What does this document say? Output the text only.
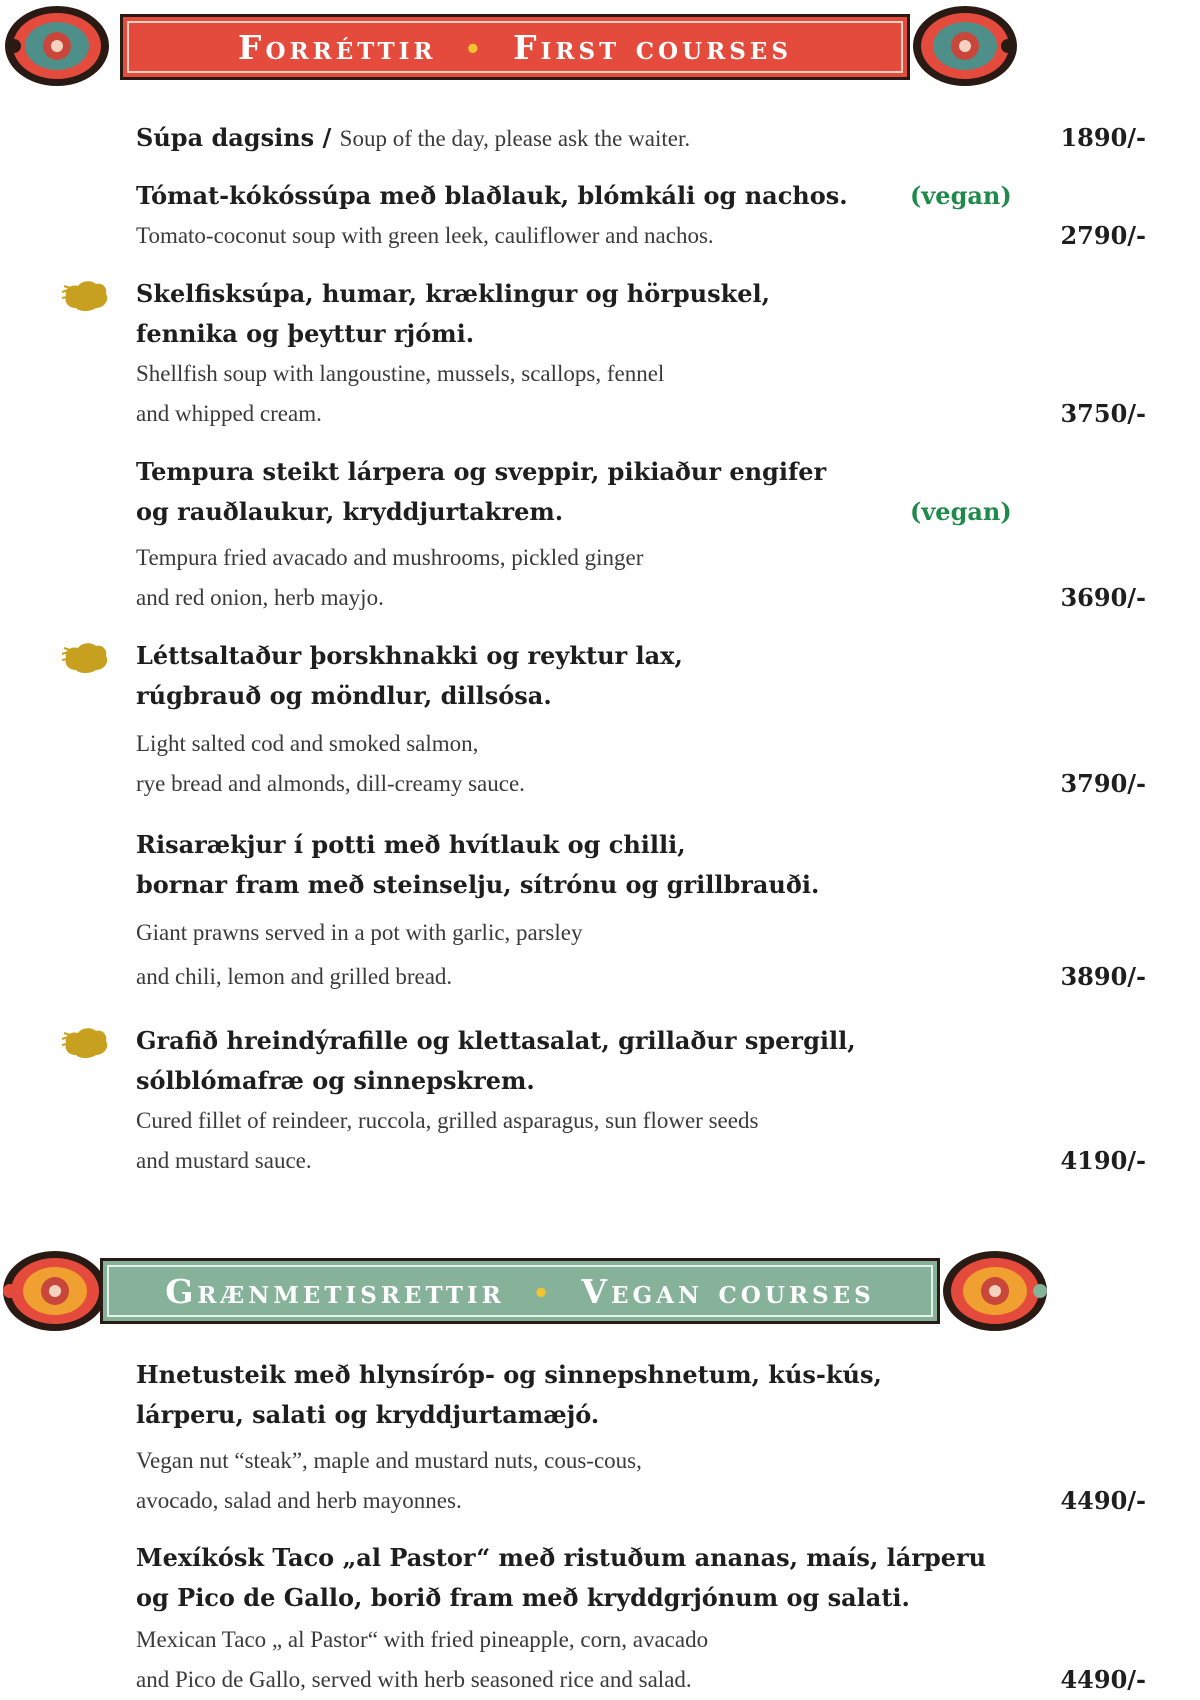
Forréttir • First courses
Súpa dagsins / Soup of the day, please ask the waiter.	1890/-
Tómat-kókóssúpa með blaðlauk, blómkáli og nachos.	(vegan)
Tomato-coconut soup with green leek, cauliflower and nachos.	2790/-
Skelfisksúpa, humar, kræklingur og hörpuskel,
fennika og þeyttur rjómi.
Shellfish soup with langoustine, mussels, scallops, fennel
and whipped cream.	3750/-
Tempura steikt lárpera og sveppir, pikiaður engifer
og rauðlaukur, kryddjurtakrem.	(vegan)
Tempura fried avacado and mushrooms, pickled ginger
and red onion, herb mayjo.	3690/-
Léttsaltaður þorskhnakki og reyktur lax,
rúgbrauð og möndlur, dillsósa.
Light salted cod and smoked salmon,
rye bread and almonds, dill-creamy sauce.	3790/-
Risarækjur í potti með hvítlauk og chilli,
bornar fram með steinselju, sítrónu og grillbrauði.
Giant prawns served in a pot with garlic, parsley
and chili, lemon and grilled bread.	3890/-
Grafið hreindýrafille og klettasalat, grillaður spergill,
sólblómafræ og sinnepskrem.
Cured fillet of reindeer, ruccola, grilled asparagus, sun flower seeds
and mustard sauce.	4190/-
Grænmetisrettir • Vegan courses
Hnetusteik með hlynsíróp- og sinnepshnetum, kús-kús,
lárperu, salati og kryddjurtamæjó.
Vegan nut “steak”, maple and mustard nuts, cous-cous,
avocado, salad and herb mayonnes.	4490/-
Mexíkósk Taco „al Pastor“ með ristuðum ananas, maís, lárperu
og Pico de Gallo, borið fram með kryddgrjónum og salati.
Mexican Taco „ al Pastor“ with fried pineapple, corn, avacado
and Pico de Gallo, served with herb seasoned rice and salad.	4490/-
